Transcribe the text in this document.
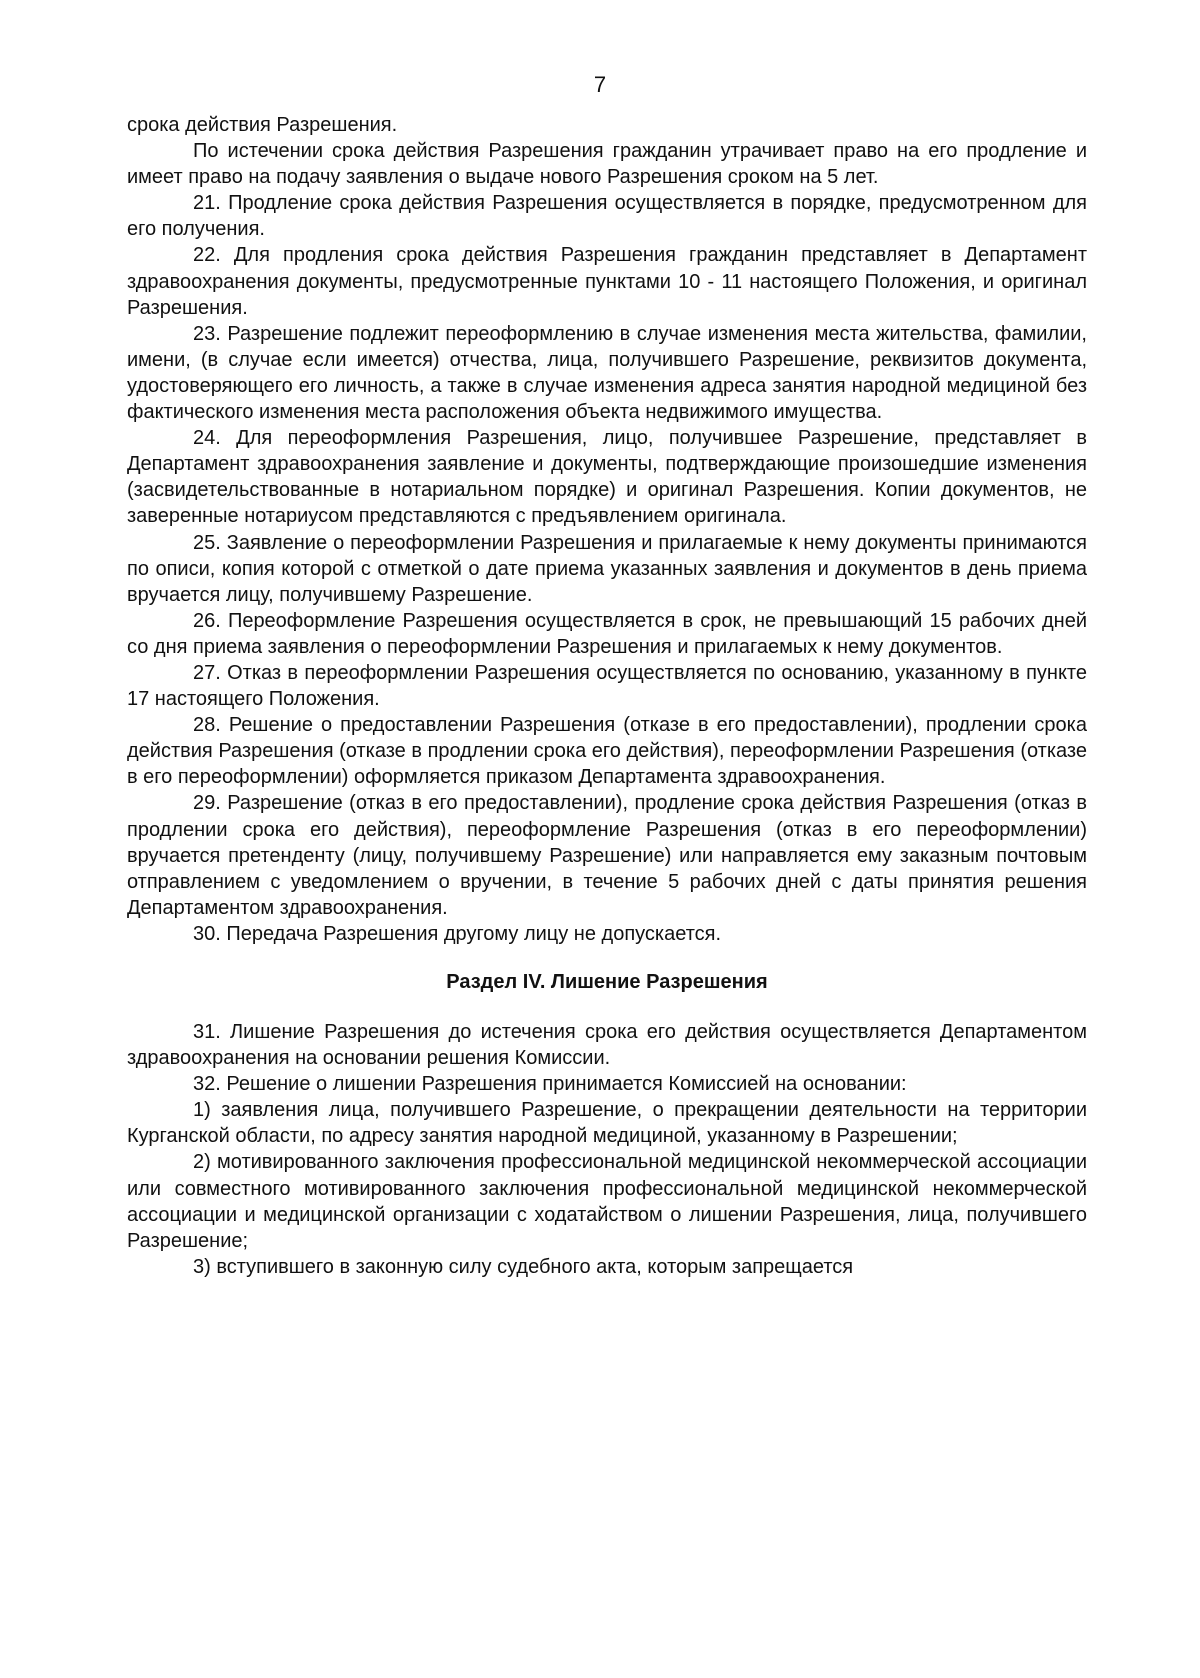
7

срока действия Разрешения.

По истечении срока действия Разрешения гражданин утрачивает право на его продление и имеет право на подачу заявления о выдаче нового Разрешения сроком на 5 лет.

21. Продление срока действия Разрешения осуществляется в порядке, предусмотренном для его получения.

22. Для продления срока действия Разрешения гражданин представляет в Департамент здравоохранения документы, предусмотренные пунктами 10 - 11 настоящего Положения, и оригинал Разрешения.

23. Разрешение подлежит переоформлению в случае изменения места жительства, фамилии, имени, (в случае если имеется) отчества, лица, получившего Разрешение, реквизитов документа, удостоверяющего его личность, а также в случае изменения адреса занятия народной медициной без фактического изменения места расположения объекта недвижимого имущества.

24. Для переоформления Разрешения, лицо, получившее Разрешение, представляет в Департамент здравоохранения заявление и документы, подтверждающие произошедшие изменения (засвидетельствованные в нотариальном порядке) и оригинал Разрешения. Копии документов, не заверенные нотариусом представляются с предъявлением оригинала.

25. Заявление о переоформлении Разрешения и прилагаемые к нему документы принимаются по описи, копия которой с отметкой о дате приема указанных заявления и документов в день приема вручается лицу, получившему Разрешение.

26. Переоформление Разрешения осуществляется в срок, не превышающий 15 рабочих дней со дня приема заявления о переоформлении Разрешения и прилагаемых к нему документов.

27. Отказ в переоформлении Разрешения осуществляется по основанию, указанному в пункте 17 настоящего Положения.

28. Решение о предоставлении Разрешения (отказе в его предоставлении), продлении срока действия Разрешения (отказе в продлении срока его действия), переоформлении Разрешения (отказе в его переоформлении) оформляется приказом Департамента здравоохранения.

29. Разрешение (отказ в его предоставлении), продление срока действия Разрешения (отказ в продлении срока его действия), переоформление Разрешения (отказ в его переоформлении) вручается претенденту (лицу, получившему Разрешение) или направляется ему заказным почтовым отправлением с уведомлением о вручении, в течение 5 рабочих дней с даты принятия решения Департаментом здравоохранения.

30. Передача Разрешения другому лицу не допускается.

Раздел IV. Лишение Разрешения

31. Лишение Разрешения до истечения срока его действия осуществляется Департаментом здравоохранения на основании решения Комиссии.

32. Решение о лишении Разрешения принимается Комиссией на основании:

1) заявления лица, получившего Разрешение, о прекращении деятельности на территории Курганской области, по адресу занятия народной медициной, указанному в Разрешении;

2) мотивированного заключения профессиональной медицинской некоммерческой ассоциации или совместного мотивированного заключения профессиональной медицинской некоммерческой ассоциации и медицинской организации с ходатайством о лишении Разрешения, лица, получившего Разрешение;

3) вступившего в законную силу судебного акта, которым запрещается
